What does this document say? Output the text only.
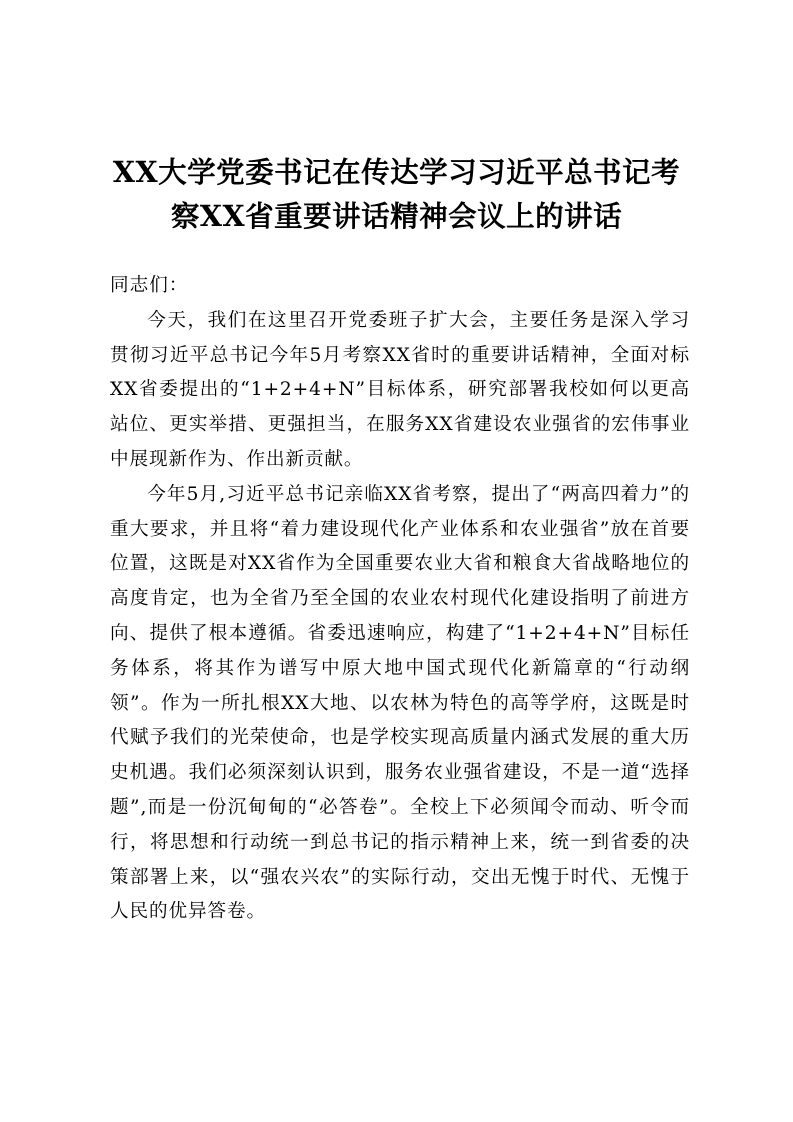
XX大学党委书记在传达学习习近平总书记考
察XX省重要讲话精神会议上的讲话

同志们：

今天，我们在这里召开党委班子扩大会，主要任务是深入学习贯彻习近平总书记今年5月考察XX省时的重要讲话精神，全面对标XX省委提出的“1+2+4+N”目标体系，研究部署我校如何以更高站位、更实举措、更强担当，在服务XX省建设农业强省的宏伟事业中展现新作为、作出新贡献。

今年5月,习近平总书记亲临XX省考察，提出了“两高四着力”的重大要求，并且将“着力建设现代化产业体系和农业强省”放在首要位置，这既是对XX省作为全国重要农业大省和粮食大省战略地位的高度肯定，也为全省乃至全国的农业农村现代化建设指明了前进方向、提供了根本遵循。省委迅速响应，构建了“1+2+4+N”目标任务体系，将其作为谱写中原大地中国式现代化新篇章的“行动纲领”。作为一所扎根XX大地、以农林为特色的高等学府，这既是时代赋予我们的光荣使命，也是学校实现高质量内涵式发展的重大历史机遇。我们必须深刻认识到，服务农业强省建设，不是一道“选择题”,而是一份沉甸甸的“必答卷”。全校上下必须闻令而动、听令而行，将思想和行动统一到总书记的指示精神上来，统一到省委的决策部署上来，以“强农兴农”的实际行动，交出无愧于时代、无愧于人民的优异答卷。
